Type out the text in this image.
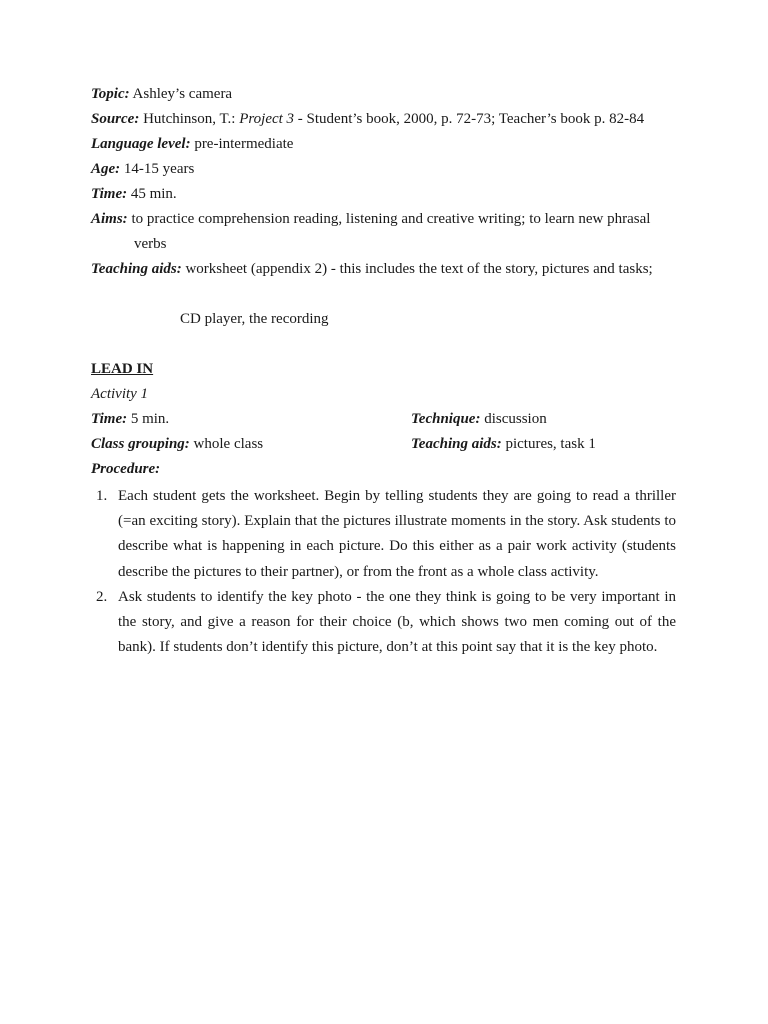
Topic: Ashley’s camera
Source: Hutchinson, T.: Project 3 - Student’s book, 2000, p. 72-73; Teacher’s book p. 82-84
Language level: pre-intermediate
Age: 14-15 years
Time: 45 min.
Aims: to practice comprehension reading, listening and creative writing; to learn new phrasal
verbs
Teaching aids: worksheet (appendix 2) - this includes the text of the story, pictures and tasks;
CD player, the recording
LEAD IN
Activity 1
Time: 5 min.	Technique: discussion
Class grouping: whole class	Teaching aids: pictures, task 1
Procedure:
1. Each student gets the worksheet. Begin by telling students they are going to read a thriller (=an exciting story). Explain that the pictures illustrate moments in the story. Ask students to describe what is happening in each picture. Do this either as a pair work activity (students describe the pictures to their partner), or from the front as a whole class activity.
2. Ask students to identify the key photo - the one they think is going to be very important in the story, and give a reason for their choice (b, which shows two men coming out of the bank). If students don’t identify this picture, don’t at this point say that it is the key photo.
